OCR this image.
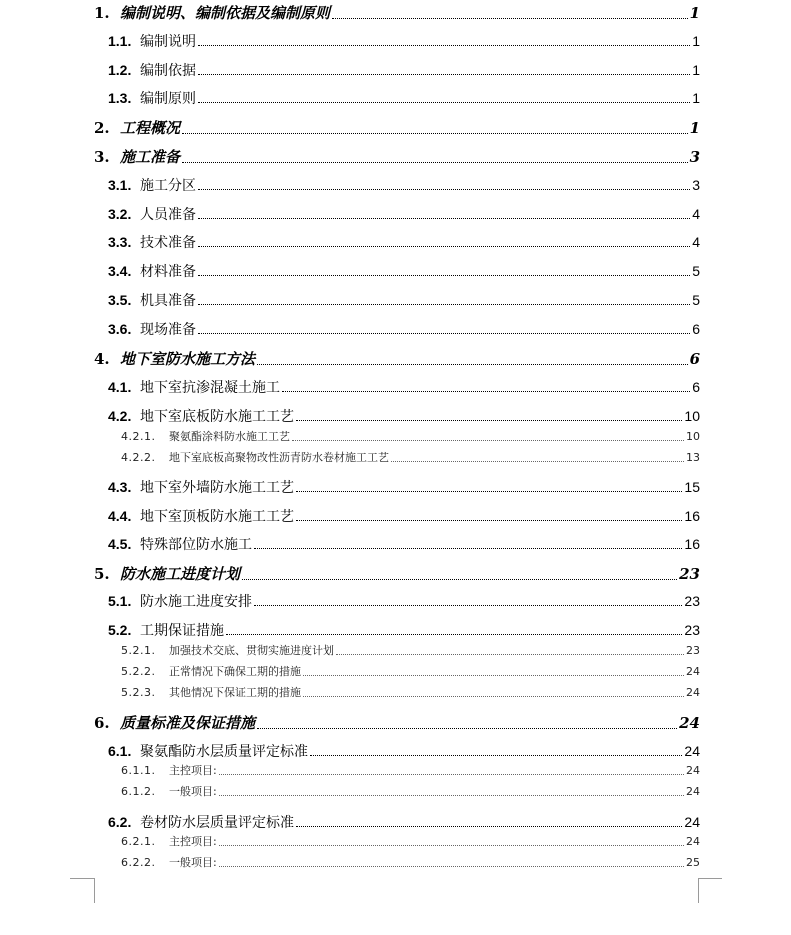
1. 编制说明、编制依据及编制原则	1
1.1. 编制说明	1
1.2. 编制依据	1
1.3. 编制原则	1
2. 工程概况	1
3. 施工准备	3
3.1. 施工分区	3
3.2. 人员准备	4
3.3. 技术准备	4
3.4. 材料准备	5
3.5. 机具准备	5
3.6. 现场准备	6
4. 地下室防水施工方法	6
4.1. 地下室抗渗混凝土施工	6
4.2. 地下室底板防水施工工艺	10
4.2.1.	聚氨酯涂料防水施工工艺	10
4.2.2.	地下室底板高聚物改性沥青防水卷材施工工艺	13
4.3. 地下室外墙防水施工工艺	15
4.4. 地下室顶板防水施工工艺	16
4.5. 特殊部位防水施工	16
5. 防水施工进度计划	23
5.1. 防水施工进度安排	23
5.2. 工期保证措施	23
5.2.1.	加强技术交底、贯彻实施进度计划	23
5.2.2.	正常情况下确保工期的措施	24
5.2.3.	其他情况下保证工期的措施	24
6. 质量标准及保证措施	24
6.1. 聚氨酯防水层质量评定标准	24
6.1.1.	主控项目:	24
6.1.2.	一般项目:	24
6.2. 卷材防水层质量评定标准	24
6.2.1.	主控项目:	24
6.2.2.	一般项目:	25
